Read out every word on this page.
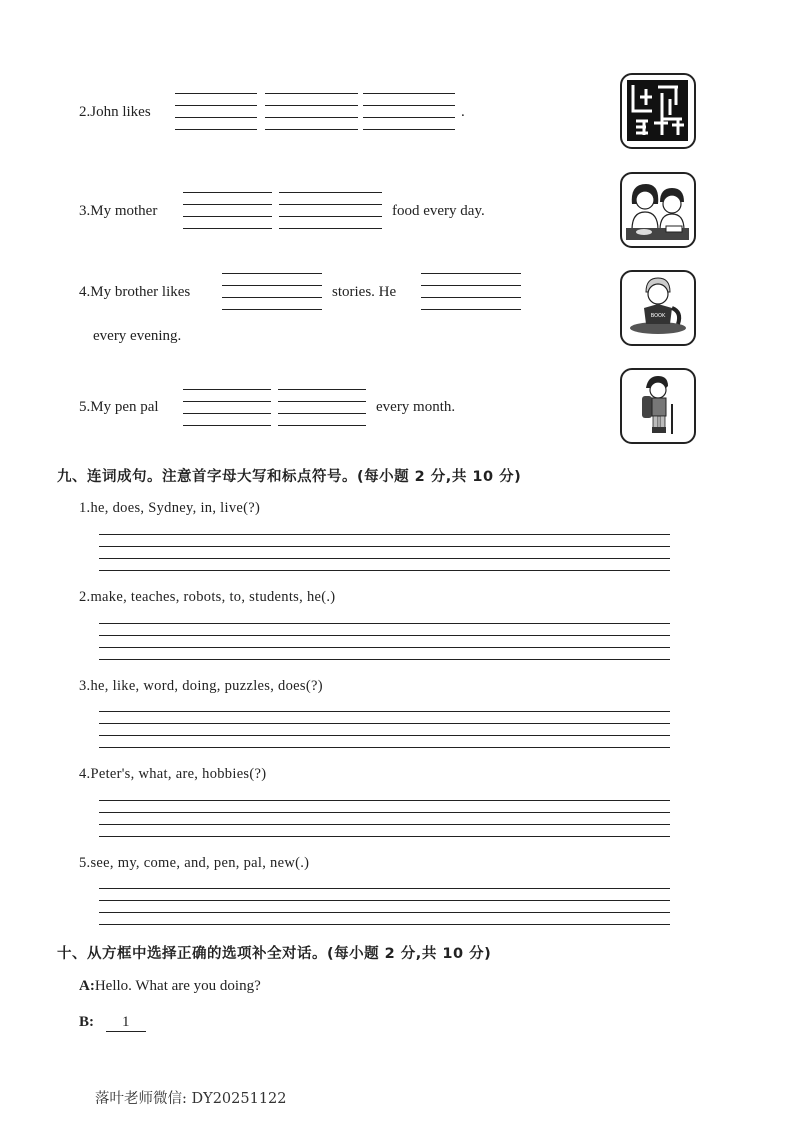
2.John likes	.
3.My mother	food every day.
4.My brother likes	stories. He
every evening.
5.My pen pal	every month.
BOOK
九、连词成句。注意首字母大写和标点符号。(每小题 2 分,共 10 分)
1.he, does, Sydney, in, live(?)
2.make, teaches, robots, to, students, he(.)
3.he, like, word, doing, puzzles, does(?)
4.Peter's, what, are, hobbies(?)
5.see, my, come, and, pen, pal, new(.)
十、从方框中选择正确的选项补全对话。(每小题 2 分,共 10 分)
A:Hello. What are you doing?
B: 1
落叶老师微信: DY20251122
